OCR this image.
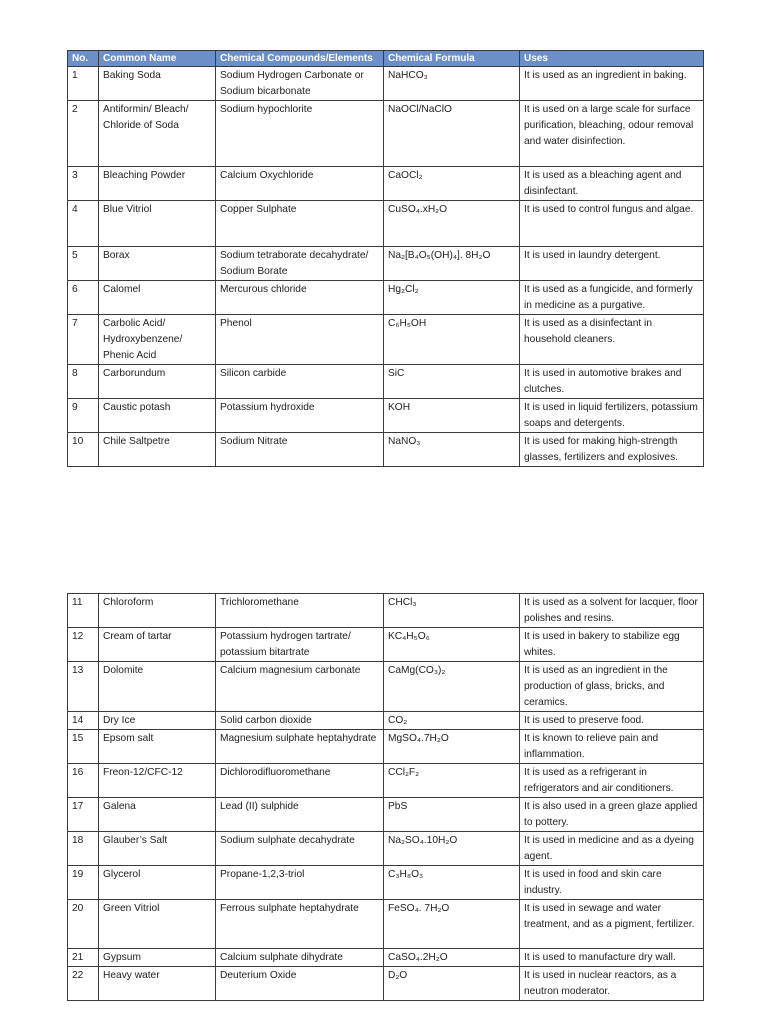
No.	Common Name	Chemical Compounds/Elements	Chemical Formula	Uses
1	Baking Soda	Sodium Hydrogen Carbonate or Sodium bicarbonate	NaHCO₃	It is used as an ingredient in baking.
2	Antiformin/ Bleach/ Chloride of Soda	Sodium hypochlorite	NaOCl/NaClO	It is used on a large scale for surface purification, bleaching, odour removal and water disinfection.
3	Bleaching Powder	Calcium Oxychloride	CaOCl₂	It is used as a bleaching agent and disinfectant.
4	Blue Vitriol	Copper Sulphate	CuSO₄.xH₂O	It is used to control fungus and algae.
5	Borax	Sodium tetraborate decahydrate/ Sodium Borate	Na₂[B₄O₅(OH)₄]. 8H₂O	It is used in laundry detergent.
6	Calomel	Mercurous chloride	Hg₂Cl₂	It is used as a fungicide, and formerly in medicine as a purgative.
7	Carbolic Acid/ Hydroxybenzene/ Phenic Acid	Phenol	C₆H₅OH	It is used as a disinfectant in household cleaners.
8	Carborundum	Silicon carbide	SiC	It is used in automotive brakes and clutches.
9	Caustic potash	Potassium hydroxide	KOH	It is used in liquid fertilizers, potassium soaps and detergents.
10	Chile Saltpetre	Sodium Nitrate	NaNO₃	It is used for making high-strength glasses, fertilizers and explosives.
11	Chloroform	Trichloromethane	CHCl₃	It is used as a solvent for lacquer, floor polishes and resins.
12	Cream of tartar	Potassium hydrogen tartrate/ potassium bitartrate	KC₄H₅O₆	It is used in bakery to stabilize egg whites.
13	Dolomite	Calcium magnesium carbonate	CaMg(CO₃)₂	It is used as an ingredient in the production of glass, bricks, and ceramics.
14	Dry Ice	Solid carbon dioxide	CO₂	It is used to preserve food.
15	Epsom salt	Magnesium sulphate heptahydrate	MgSO₄.7H₂O	It is known to relieve pain and inflammation.
16	Freon-12/CFC-12	Dichlorodifluoromethane	CCl₂F₂	It is used as a refrigerant in refrigerators and air conditioners.
17	Galena	Lead (II) sulphide	PbS	It is also used in a green glaze applied to pottery.
18	Glauber’s Salt	Sodium sulphate decahydrate	Na₂SO₄.10H₂O	It is used in medicine and as a dyeing agent.
19	Glycerol	Propane-1,2,3-triol	C₃H₈O₃	It is used in food and skin care industry.
20	Green Vitriol	Ferrous sulphate heptahydrate	FeSO₄. 7H₂O	It is used in sewage and water treatment, and as a pigment, fertilizer.
21	Gypsum	Calcium sulphate dihydrate	CaSO₄.2H₂O	It is used to manufacture dry wall.
22	Heavy water	Deuterium Oxide	D₂O	It is used in nuclear reactors, as a neutron moderator.
